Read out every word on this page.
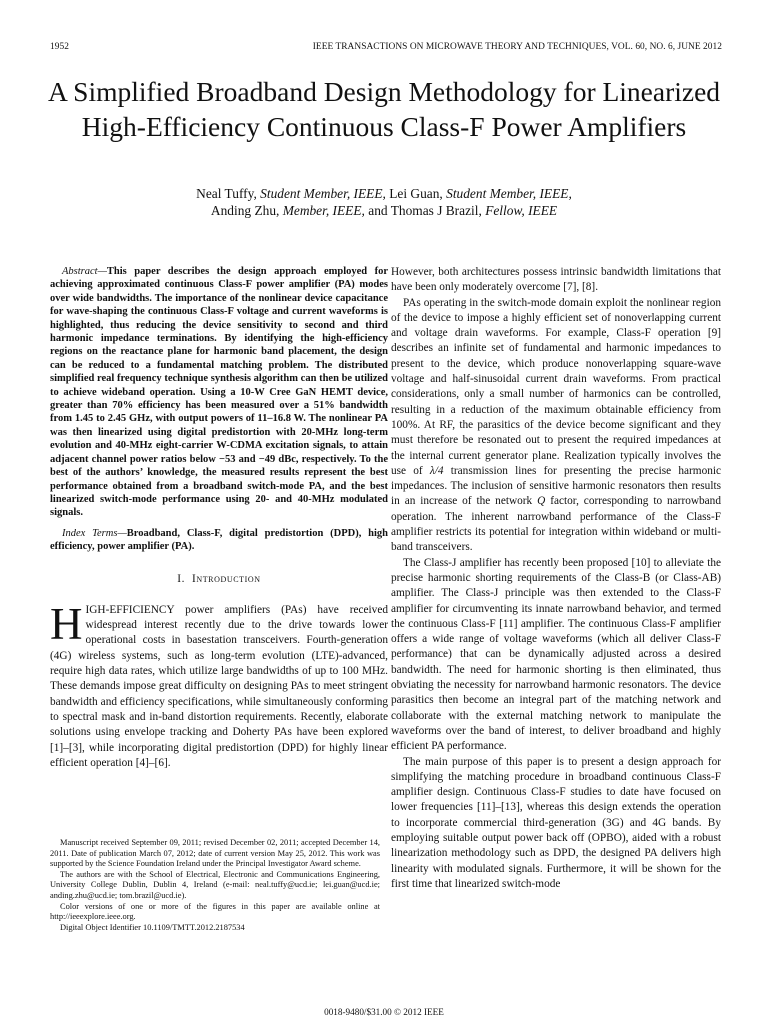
1952	IEEE TRANSACTIONS ON MICROWAVE THEORY AND TECHNIQUES, VOL. 60, NO. 6, JUNE 2012
A Simplified Broadband Design Methodology for Linearized High-Efficiency Continuous Class-F Power Amplifiers
Neal Tuffy, Student Member, IEEE, Lei Guan, Student Member, IEEE,
Anding Zhu, Member, IEEE, and Thomas J Brazil, Fellow, IEEE

Abstract—This paper describes the design approach employed for achieving approximated continuous Class-F power amplifier (PA) modes over wide bandwidths. The importance of the nonlinear device capacitance for wave-shaping the continuous Class-F voltage and current waveforms is highlighted, thus reducing the device sensitivity to second and third harmonic impedance terminations. By identifying the high-efficiency regions on the reactance plane for harmonic band placement, the design can be reduced to a fundamental matching problem. The distributed simplified real frequency technique synthesis algorithm can then be utilized to achieve wideband operation. Using a 10-W Cree GaN HEMT device, greater than 70% efficiency has been measured over a 51% bandwidth from 1.45 to 2.45 GHz, with output powers of 11–16.8 W. The nonlinear PA was then linearized using digital predistortion with 20-MHz long-term evolution and 40-MHz eight-carrier W-CDMA excitation signals, to attain adjacent channel power ratios below −53 and −49 dBc, respectively. To the best of the authors’ knowledge, the measured results represent the best performance obtained from a broadband switch-mode PA, and the best linearized switch-mode performance using 20- and 40-MHz modulated signals.

Index Terms—Broadband, Class-F, digital predistortion (DPD), high efficiency, power amplifier (PA).

I. Introduction

HIGH-EFFICIENCY power amplifiers (PAs) have received widespread interest recently due to the drive towards lower operational costs in basestation transceivers. Fourth-generation (4G) wireless systems, such as long-term evolution (LTE)-advanced, require high data rates, which utilize large bandwidths of up to 100 MHz. These demands impose great difficulty on designing PAs to meet stringent bandwidth and efficiency specifications, while simultaneously conforming to spectral mask and in-band distortion requirements. Recently, elaborate solutions using envelope tracking and Doherty PAs have been explored [1]–[3], while incorporating digital predistortion (DPD) for highly linear efficient operation [4]–[6].

Manuscript received September 09, 2011; revised December 02, 2011; accepted December 14, 2011. Date of publication March 07, 2012; date of current version May 25, 2012. This work was supported by the Science Foundation Ireland under the Principal Investigator Award scheme.

The authors are with the School of Electrical, Electronic and Communications Engineering, University College Dublin, Dublin 4, Ireland (e-mail: neal.tuffy@ucd.ie; lei.guan@ucd.ie; anding.zhu@ucd.ie; tom.brazil@ucd.ie).

Color versions of one or more of the figures in this paper are available online at http://ieeexplore.ieee.org.

Digital Object Identifier 10.1109/TMTT.2012.2187534

However, both architectures possess intrinsic bandwidth limitations that have been only moderately overcome [7], [8].

PAs operating in the switch-mode domain exploit the nonlinear region of the device to impose a highly efficient set of nonoverlapping current and voltage drain waveforms. For example, Class-F operation [9] describes an infinite set of fundamental and harmonic impedances to present to the device, which produce nonoverlapping square-wave voltage and half-sinusoidal current drain waveforms. From practical considerations, only a small number of harmonics can be controlled, resulting in a reduction of the maximum obtainable efficiency from 100%. At RF, the parasitics of the device become significant and they must therefore be resonated out to present the required impedances at the internal current generator plane. Realization typically involves the use of λ/4 transmission lines for presenting the precise harmonic impedances. The inclusion of sensitive harmonic resonators then results in an increase of the network Q factor, corresponding to narrowband operation. The inherent narrowband performance of the Class-F amplifier restricts its potential for integration within wideband or multi-band transceivers.

The Class-J amplifier has recently been proposed [10] to alleviate the precise harmonic shorting requirements of the Class-B (or Class-AB) amplifier. The Class-J principle was then extended to the Class-F amplifier for circumventing its innate narrowband behavior, and termed the continuous Class-F [11] amplifier. The continuous Class-F amplifier offers a wide range of voltage waveforms (which all deliver Class-F performance) that can be dynamically adjusted across a desired bandwidth. The need for harmonic shorting is then eliminated, thus obviating the necessity for narrowband harmonic resonators. The device parasitics then become an integral part of the matching network and collaborate with the external matching network to manipulate the waveforms over the band of interest, to deliver broadband and highly efficient PA performance.

The main purpose of this paper is to present a design approach for simplifying the matching procedure in broadband continuous Class-F amplifier design. Continuous Class-F studies to date have focused on lower frequencies [11]–[13], whereas this design extends the operation to incorporate commercial third-generation (3G) and 4G bands. By employing suitable output power back off (OPBO), aided with a robust linearization methodology such as DPD, the designed PA delivers high linearity with modulated signals. Furthermore, it will be shown for the first time that linearized switch-mode

0018-9480/$31.00 © 2012 IEEE
